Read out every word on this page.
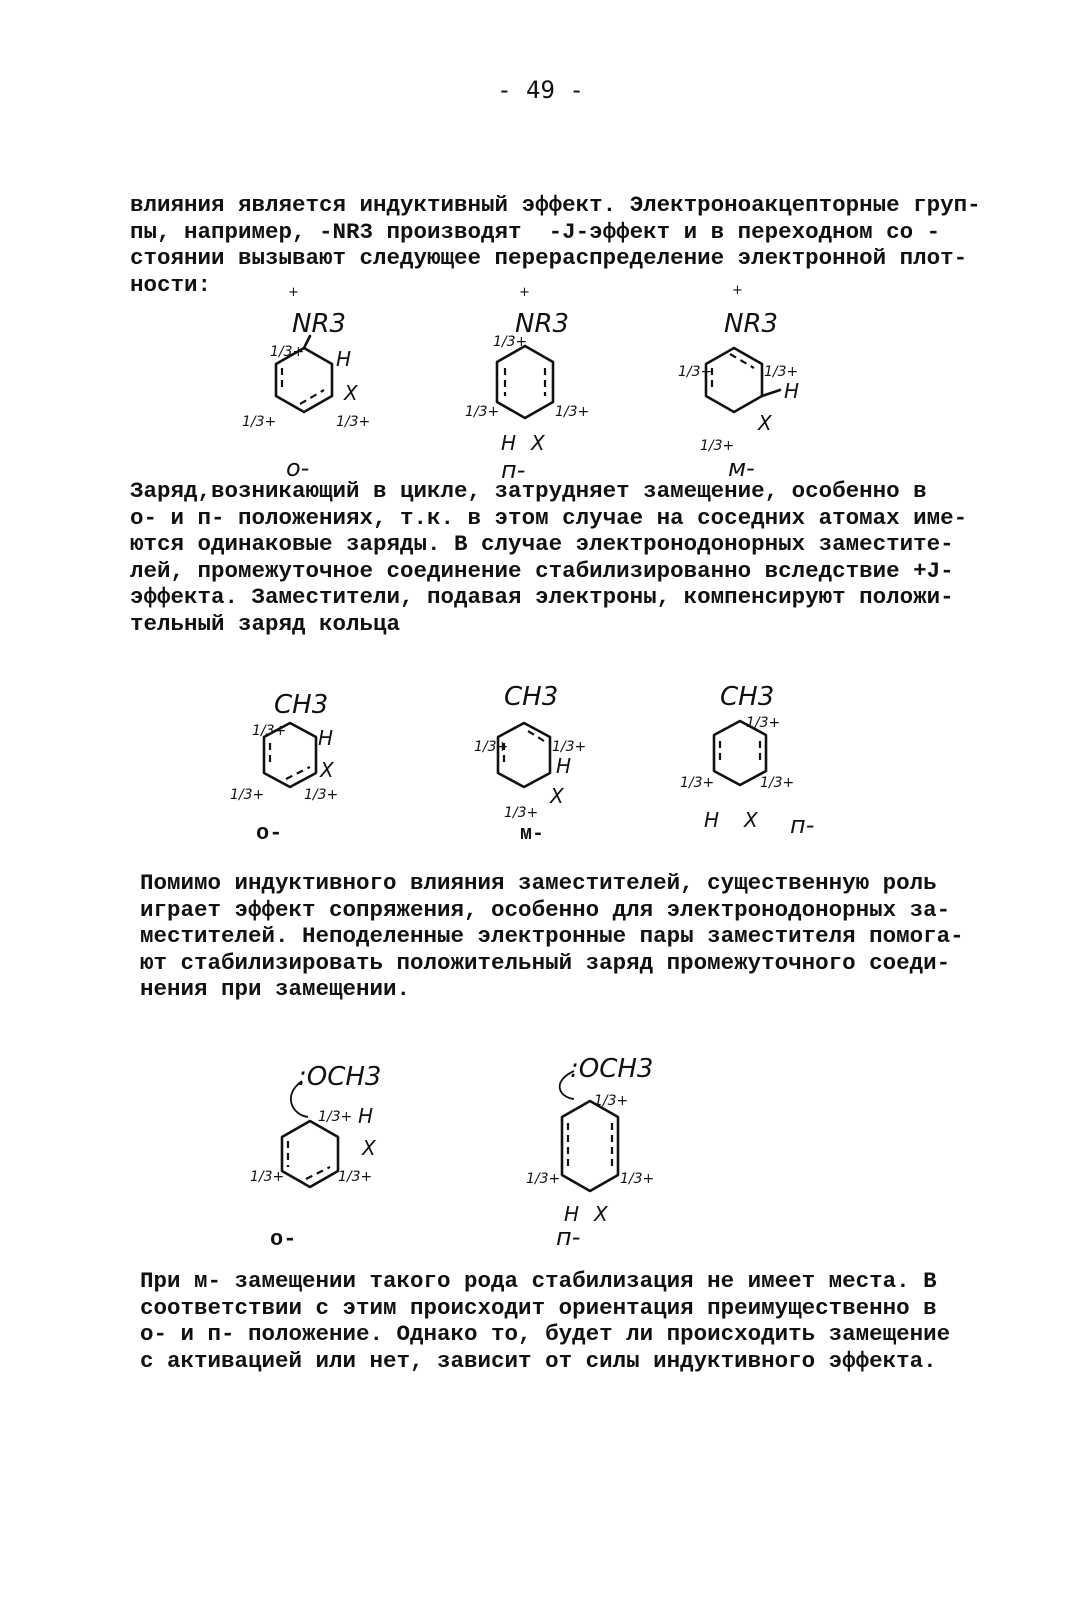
- 49 -

влияния является индуктивный эффект. Электроноакцепторные груп-
пы, например, -NR3 производят  -J-эффект и в переходном со -
стоянии вызывают следующее перераспределение электронной плот-
ности:	+
NR3
1/3+ H
X
1/3+	1/3+
o-
+
NR3
1/3+
1/3+	1/3+
H X
п-
+
NR3
1/3+	1/3+
H
X
1/3+
м-

Заряд,возникающий в цикле, затрудняет замещение, особенно в
о- и п- положениях, т.к. в этом случае на соседних атомах име-
ются одинаковые заряды. В случае электронодонорных заместите-
лей, промежуточное соединение стабилизированно вследствие +J-
эффекта. Заместители, подавая электроны, компенсируют положи-
тельный заряд кольца

CH3
1/3+ H
X
1/3+	1/3+
о-
CH3
1/3+	1/3+
H
X
1/3+
м-
CH3
1/3+
1/3+	1/3+
H X п-

Помимо индуктивного влияния заместителей, существенную роль
играет эффект сопряжения, особенно для электронодонорных за-
местителей. Неподеленные электронные пары заместителя помога-
ют стабилизировать положительный заряд промежуточного соеди-
нения при замещении.

:OCH3
1/3+ H
X
1/3+	1/3+
о-
:OCH3
1/3+
1/3+	1/3+
H X
п-

При м- замещении такого рода стабилизация не имеет места. В
соответствии с этим происходит ориентация преимущественно в
о- и п- положение. Однако то, будет ли происходить замещение
с активацией или нет, зависит от силы индуктивного эффекта.
